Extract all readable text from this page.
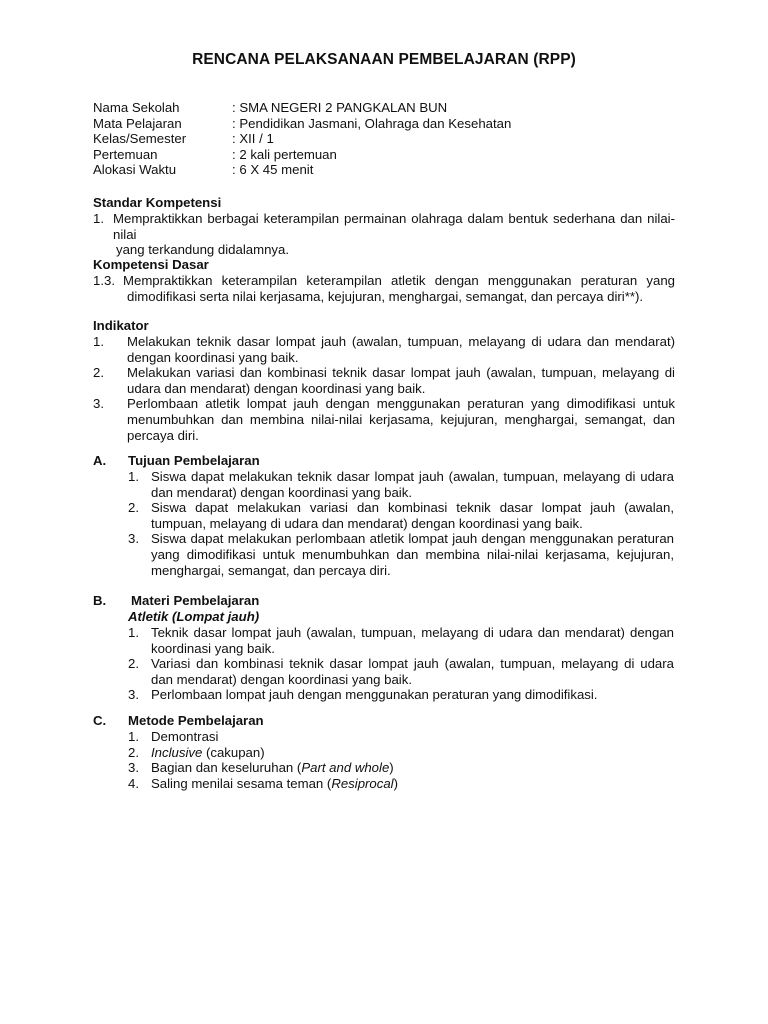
RENCANA PELAKSANAAN PEMBELAJARAN (RPP)
Nama Sekolah	: SMA NEGERI 2 PANGKALAN BUN
Mata Pelajaran	: Pendidikan Jasmani, Olahraga dan Kesehatan
Kelas/Semester	: XII / 1
Pertemuan	: 2 kali pertemuan
Alokasi Waktu	: 6 X 45 menit
Standar Kompetensi
1. Mempraktikkan berbagai keterampilan permainan olahraga dalam bentuk sederhana dan nilai-nilai
yang terkandung didalamnya.
Kompetensi Dasar
1.3. Mempraktikkan keterampilan keterampilan atletik dengan menggunakan peraturan yang
dimodifikasi serta nilai kerjasama, kejujuran, menghargai, semangat, dan percaya diri**).
Indikator
1.	Melakukan teknik dasar lompat jauh (awalan, tumpuan, melayang di udara dan mendarat) dengan koordinasi yang baik.
2.	Melakukan variasi dan kombinasi teknik dasar lompat jauh (awalan, tumpuan, melayang di udara dan mendarat) dengan koordinasi yang baik.
3.	Perlombaan atletik lompat jauh dengan menggunakan peraturan yang dimodifikasi untuk menumbuhkan dan membina nilai-nilai kerjasama, kejujuran, menghargai, semangat, dan percaya diri.
A. Tujuan Pembelajaran
1. Siswa dapat melakukan teknik dasar lompat jauh (awalan, tumpuan, melayang di udara dan mendarat) dengan koordinasi yang baik.
2. Siswa dapat melakukan variasi dan kombinasi teknik dasar lompat jauh (awalan, tumpuan, melayang di udara dan mendarat) dengan koordinasi yang baik.
3. Siswa dapat melakukan perlombaan atletik lompat jauh dengan menggunakan peraturan yang dimodifikasi untuk menumbuhkan dan membina nilai-nilai kerjasama, kejujuran, menghargai, semangat, dan percaya diri.
B. Materi Pembelajaran
Atletik (Lompat jauh)
1. Teknik dasar lompat jauh (awalan, tumpuan, melayang di udara dan mendarat) dengan koordinasi yang baik.
2. Variasi dan kombinasi teknik dasar lompat jauh (awalan, tumpuan, melayang di udara dan mendarat) dengan koordinasi yang baik.
3. Perlombaan lompat jauh dengan menggunakan peraturan yang dimodifikasi.
C. Metode Pembelajaran
1. Demontrasi
2. Inclusive (cakupan)
3. Bagian dan keseluruhan (Part and whole)
4. Saling menilai sesama teman (Resiprocal)
